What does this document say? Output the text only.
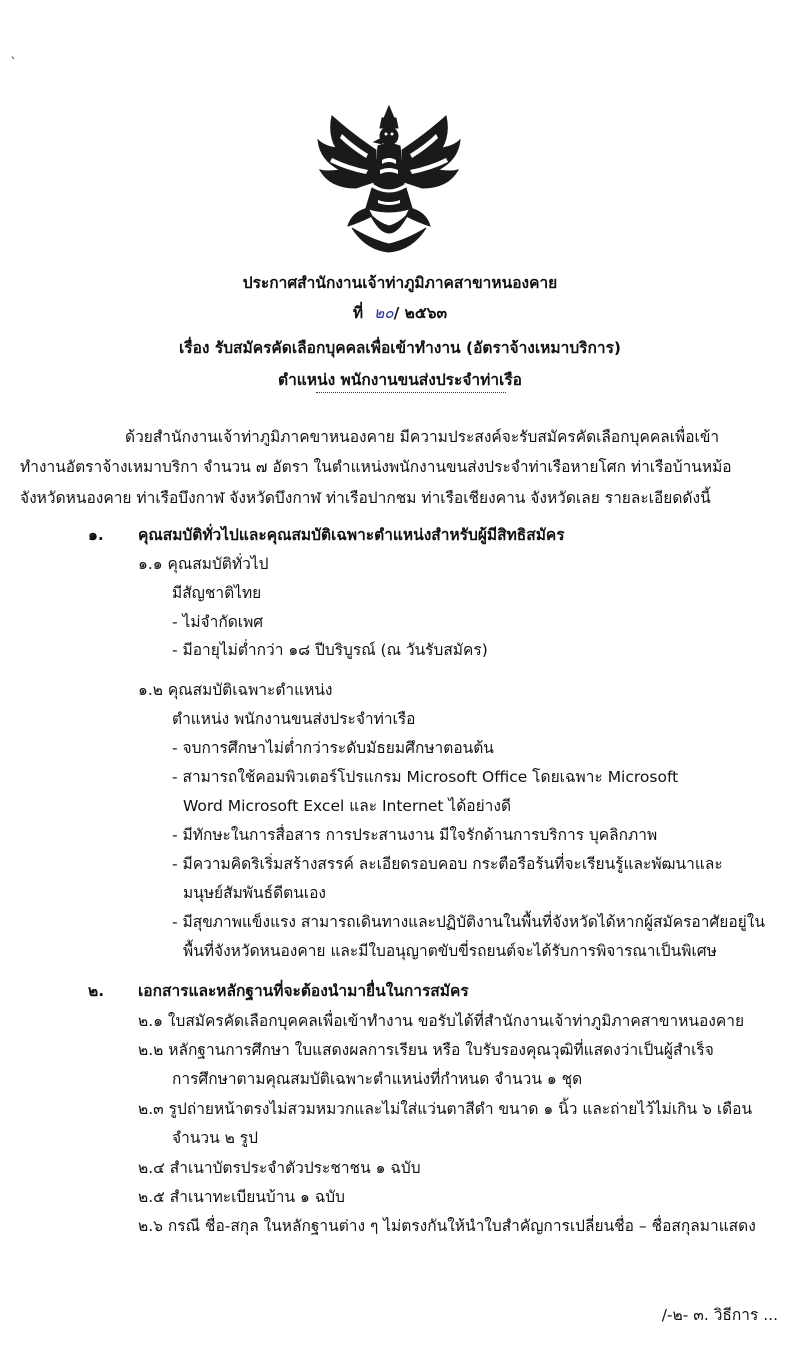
`
ประกาศสำนักงานเจ้าท่าภูมิภาคสาขาหนองคาย
ที่ ๒๐/ ๒๕๖๓
เรื่อง รับสมัครคัดเลือกบุคคลเพื่อเข้าทำงาน (อัตราจ้างเหมาบริการ)
ตำแหน่ง พนักงานขนส่งประจำท่าเรือ
ด้วยสำนักงานเจ้าท่าภูมิภาคขาหนองคาย มีความประสงค์จะรับสมัครคัดเลือกบุคคลเพื่อเข้า
ทำงานอัตราจ้างเหมาบริกา จำนวน ๗ อัตรา ในตำแหน่งพนักงานขนส่งประจำท่าเรือหายโศก ท่าเรือบ้านหม้อ
จังหวัดหนองคาย ท่าเรือบึงกาฬ จังหวัดบึงกาฬ ท่าเรือปากชม ท่าเรือเชียงคาน จังหวัดเลย รายละเอียดดังนี้
๑. คุณสมบัติทั่วไปและคุณสมบัติเฉพาะตำแหน่งสำหรับผู้มีสิทธิสมัคร
๑.๑ คุณสมบัติทั่วไป
มีสัญชาติไทย
- ไม่จำกัดเพศ
- มีอายุไม่ต่ำกว่า ๑๘ ปีบริบูรณ์ (ณ วันรับสมัคร)
๑.๒ คุณสมบัติเฉพาะตำแหน่ง
ตำแหน่ง พนักงานขนส่งประจำท่าเรือ
- จบการศึกษาไม่ต่ำกว่าระดับมัธยมศึกษาตอนต้น
- สามารถใช้คอมพิวเตอร์โปรแกรม Microsoft Office โดยเฉพาะ Microsoft
Word Microsoft Excel และ Internet ได้อย่างดี
- มีทักษะในการสื่อสาร การประสานงาน มีใจรักด้านการบริการ บุคลิกภาพ
- มีความคิดริเริ่มสร้างสรรค์ ละเอียดรอบคอบ กระตือรือร้นที่จะเรียนรู้และพัฒนาและ
มนุษย์สัมพันธ์ดีตนเอง
- มีสุขภาพแข็งแรง สามารถเดินทางและปฏิบัติงานในพื้นที่จังหวัดได้หากผู้สมัครอาศัยอยู่ใน
พื้นที่จังหวัดหนองคาย และมีใบอนุญาตขับขี่รถยนต์จะได้รับการพิจารณาเป็นพิเศษ
๒. เอกสารและหลักฐานที่จะต้องนำมายื่นในการสมัคร
๒.๑ ใบสมัครคัดเลือกบุคคลเพื่อเข้าทำงาน ขอรับได้ที่สำนักงานเจ้าท่าภูมิภาคสาขาหนองคาย
๒.๒ หลักฐานการศึกษา ใบแสดงผลการเรียน หรือ ใบรับรองคุณวุฒิที่แสดงว่าเป็นผู้สำเร็จ
การศึกษาตามคุณสมบัติเฉพาะตำแหน่งที่กำหนด จำนวน ๑ ชุด
๒.๓ รูปถ่ายหน้าตรงไม่สวมหมวกและไม่ใส่แว่นตาสีดำ ขนาด ๑ นิ้ว และถ่ายไว้ไม่เกิน ๖ เดือน
จำนวน ๒ รูป
๒.๔ สำเนาบัตรประจำตัวประชาชน ๑ ฉบับ
๒.๕ สำเนาทะเบียนบ้าน ๑ ฉบับ
๒.๖ กรณี ชื่อ-สกุล ในหลักฐานต่าง ๆ ไม่ตรงกันให้นำใบสำคัญการเปลี่ยนชื่อ – ชื่อสกุลมาแสดง
/-๒- ๓. วิธีการ ...
